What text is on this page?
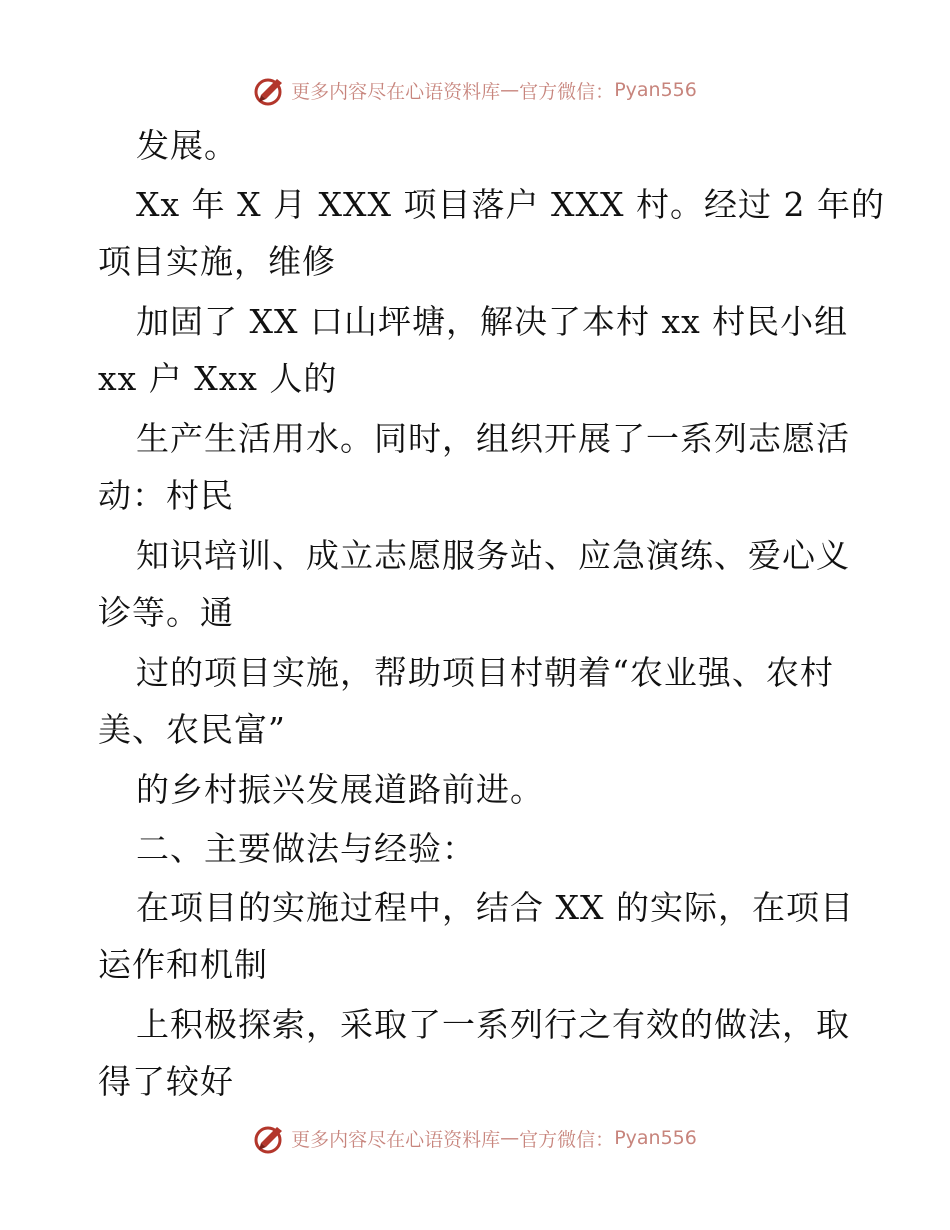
更多内容尽在心语资料库 — 官方微信： Pyan556
发展。
Xx 年 X 月 XXX 项目落户 XXX 村。经过 2 年的
项目实施，维修
加固了 XX 口山坪塘，解决了本村 xx 村民小组
xx 户 Xxx 人的
生产生活用水。同时，组织开展了一系列志愿活
动：村民
知识培训、成立志愿服务站、应急演练、爱心义
诊等。通
过的项目实施，帮助项目村朝着“农业强、农村
美、农民富”
的乡村振兴发展道路前进。
二、主要做法与经验：
在项目的实施过程中，结合 XX 的实际，在项目
运作和机制
上积极探索，采取了一系列行之有效的做法，取
得了较好
更多内容尽在心语资料库 — 官方微信： Pyan556
